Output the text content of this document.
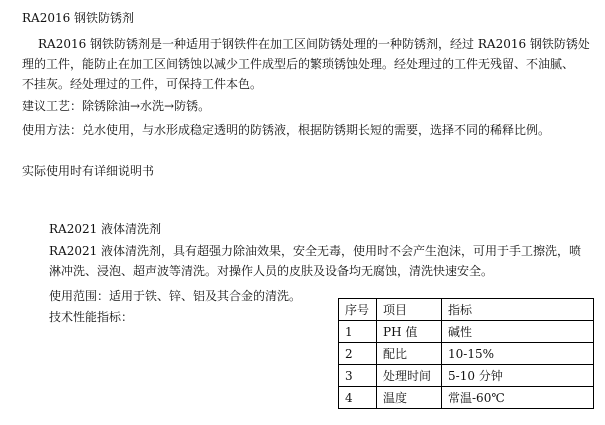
RA2016 钢铁防锈剂
RA2016 钢铁防锈剂是一种适用于钢铁件在加工区间防锈处理的一种防锈剂，经过 RA2016 钢铁防锈处
理的工件，能防止在加工区间锈蚀以减少工件成型后的繁琐锈蚀处理。经处理过的工件无残留、不油腻、
不挂灰。经处理过的工件，可保持工件本色。
建议工艺：除锈除油→水洗→防锈。
使用方法：兑水使用，与水形成稳定透明的防锈液，根据防锈期长短的需要，选择不同的稀释比例。
实际使用时有详细说明书
RA2021 液体清洗剂
RA2021 液体清洗剂，具有超强力除油效果，安全无毒，使用时不会产生泡沫，可用于手工擦洗，喷
淋冲洗、浸泡、超声波等清洗。对操作人员的皮肤及设备均无腐蚀，清洗快速安全。
使用范围：适用于铁、锌、铝及其合金的清洗。
技术性能指标：	序号	项目	指标
1	PH 值	碱性
2	配比	10-15%
3	处理时间	5-10 分钟
4	温度	常温-60℃
